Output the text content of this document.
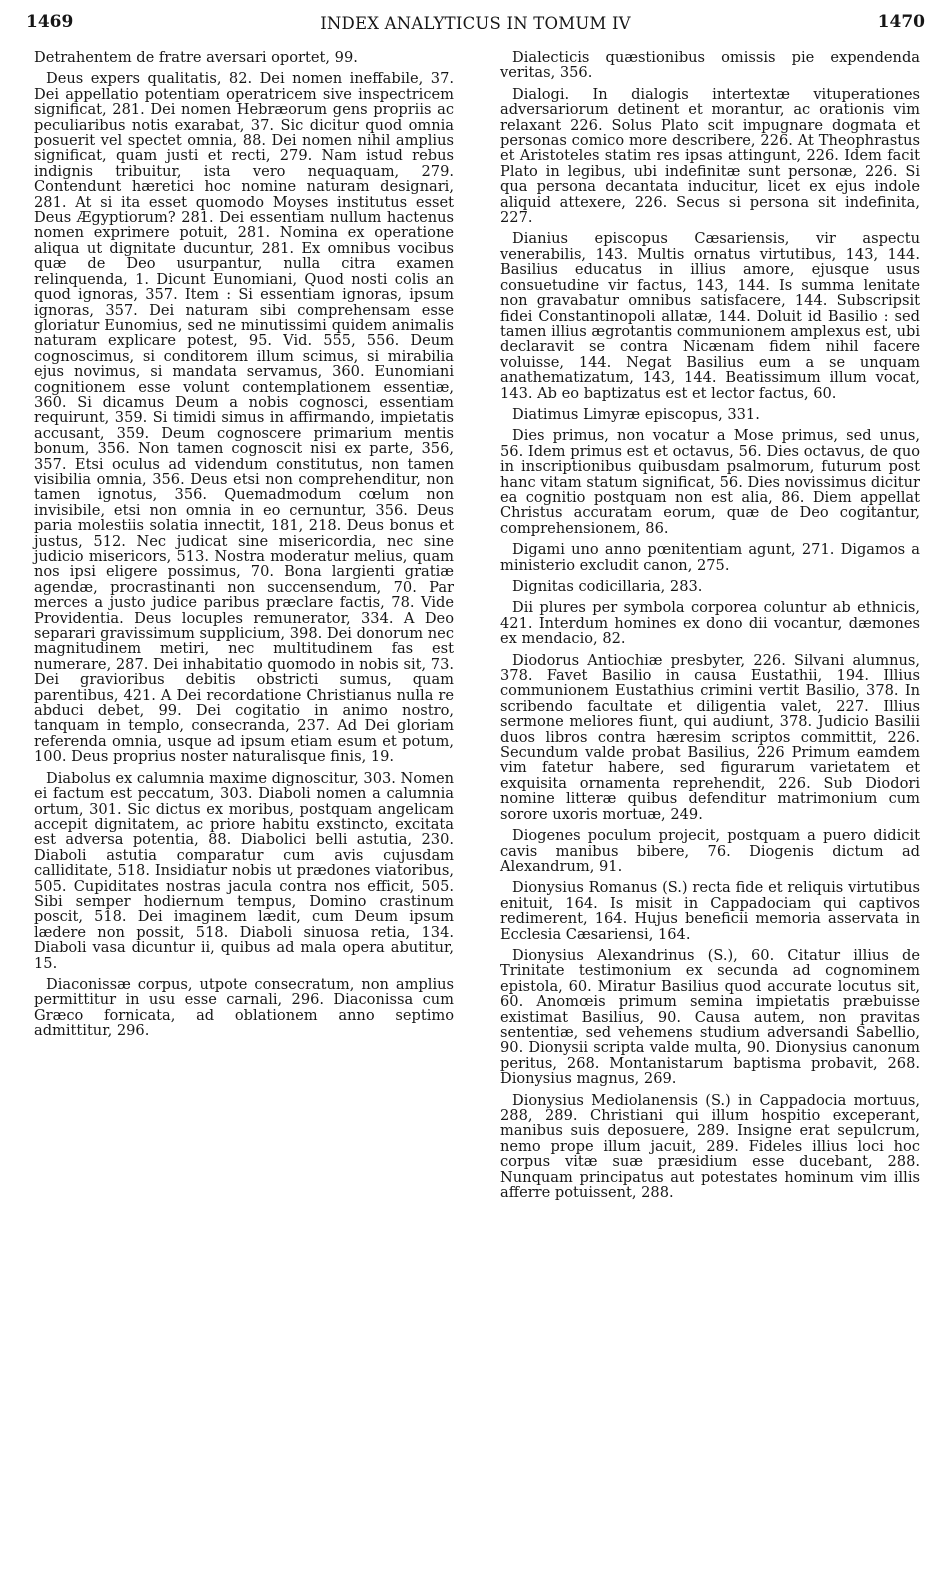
1469	INDEX ANALYTICUS IN TOMUM IV	1470

Detrahentem de fratre aversari oportet, 99.

Deus expers qualitatis, 82. Dei nomen ineffabile, 37. Dei appellatio potentiam operatricem sive inspectricem significat, 281. Dei nomen Hebræorum gens propriis ac peculiaribus notis exarabat, 37. Sic dicitur quod omnia posuerit vel spectet omnia, 88. Dei nomen nihil amplius significat, quam justi et recti, 279. Nam istud rebus indignis tribuitur, ista vero nequaquam, 279. Contendunt hæretici hoc nomine naturam designari, 281. At si ita esset quomodo Moyses institutus esset Deus Ægyptiorum? 281. Dei essentiam nullum hactenus nomen exprimere potuit, 281. Nomina ex operatione aliqua ut dignitate ducuntur, 281. Ex omnibus vocibus quæ de Deo usurpantur, nulla citra examen relinquenda, 1. Dicunt Eunomiani, Quod nosti colis an quod ignoras, 357. Item : Si essentiam ignoras, ipsum ignoras, 357. Dei naturam sibi comprehensam esse gloriatur Eunomius, sed ne minutissimi quidem animalis naturam explicare potest, 95. Vid. 555, 556. Deum cognoscimus, si conditorem illum scimus, si mirabilia ejus novimus, si mandata servamus, 360. Eunomiani cognitionem esse volunt contemplationem essentiæ, 360. Si dicamus Deum a nobis cognosci, essentiam requirunt, 359. Si timidi simus in affirmando, impietatis accusant, 359. Deum cognoscere primarium mentis bonum, 356. Non tamen cognoscit nisi ex parte, 356, 357. Etsi oculus ad videndum constitutus, non tamen visibilia omnia, 356. Deus etsi non comprehenditur, non tamen ignotus, 356. Quemadmodum cœlum non invisibile, etsi non omnia in eo cernuntur, 356. Deus paria molestiis solatia innectit, 181, 218. Deus bonus et justus, 512. Nec judicat sine misericordia, nec sine judicio misericors, 513. Nostra moderatur melius, quam nos ipsi eligere possimus, 70. Bona largienti gratiæ agendæ, procrastinanti non succensendum, 70. Par merces a justo judice paribus præclare factis, 78. Vide Providentia. Deus locuples remunerator, 334. A Deo separari gravissimum supplicium, 398. Dei donorum nec magnitudinem metiri, nec multitudinem fas est numerare, 287. Dei inhabitatio quomodo in nobis sit, 73. Dei gravioribus debitis obstricti sumus, quam parentibus, 421. A Dei recordatione Christianus nulla re abduci debet, 99. Dei cogitatio in animo nostro, tanquam in templo, consecranda, 237. Ad Dei gloriam referenda omnia, usque ad ipsum etiam esum et potum, 100. Deus proprius noster naturalisque finis, 19.

Diabolus ex calumnia maxime dignoscitur, 303. Nomen ei factum est peccatum, 303. Diaboli nomen a calumnia ortum, 301. Sic dictus ex moribus, postquam angelicam accepit dignitatem, ac priore habitu exstincto, excitata est adversa potentia, 88. Diabolici belli astutia, 230. Diaboli astutia comparatur cum avis cujusdam calliditate, 518. Insidiatur nobis ut prædones viatoribus, 505. Cupiditates nostras jacula contra nos efficit, 505. Sibi semper hodiernum tempus, Domino crastinum poscit, 518. Dei imaginem lædit, cum Deum ipsum lædere non possit, 518. Diaboli sinuosa retia, 134. Diaboli vasa dicuntur ii, quibus ad mala opera abutitur, 15.

Diaconissæ corpus, utpote consecratum, non amplius permittitur in usu esse carnali, 296. Diaconissa cum Græco fornicata, ad oblationem anno septimo admittitur, 296.

Dialecticis quæstionibus omissis pie expendenda veritas, 356.

Dialogi. In dialogis intertextæ vituperationes adversariorum detinent et morantur, ac orationis vim relaxant 226. Solus Plato scit impugnare dogmata et personas comico more describere, 226. At Theophrastus et Aristoteles statim res ipsas attingunt, 226. Idem facit Plato in legibus, ubi indefinitæ sunt personæ, 226. Si qua persona decantata inducitur, licet ex ejus indole aliquid attexere, 226. Secus si persona sit indefinita, 227.

Dianius episcopus Cæsariensis, vir aspectu venerabilis, 143. Multis ornatus virtutibus, 143, 144. Basilius educatus in illius amore, ejusque usus consuetudine vir factus, 143, 144. Is summa lenitate non gravabatur omnibus satisfacere, 144. Subscripsit fidei Constantinopoli allatæ, 144. Doluit id Basilio : sed tamen illius ægrotantis communionem amplexus est, ubi declaravit se contra Nicænam fidem nihil facere voluisse, 144. Negat Basilius eum a se unquam anathematizatum, 143, 144. Beatissimum illum vocat, 143. Ab eo baptizatus est et lector factus, 60.

Diatimus Limyræ episcopus, 331.

Dies primus, non vocatur a Mose primus, sed unus, 56. Idem primus est et octavus, 56. Dies octavus, de quo in inscriptionibus quibusdam psalmorum, futurum post hanc vitam statum significat, 56. Dies novissimus dicitur ea cognitio postquam non est alia, 86. Diem appellat Christus accuratam eorum, quæ de Deo cogitantur, comprehensionem, 86.

Digami uno anno pœnitentiam agunt, 271. Digamos a ministerio excludit canon, 275.

Dignitas codicillaria, 283.

Dii plures per symbola corporea coluntur ab ethnicis, 421. Interdum homines ex dono dii vocantur, dæmones ex mendacio, 82.

Diodorus Antiochiæ presbyter, 226. Silvani alumnus, 378. Favet Basilio in causa Eustathii, 194. Illius communionem Eustathius crimini vertit Basilio, 378. In scribendo facultate et diligentia valet, 227. Illius sermone meliores fiunt, qui audiunt, 378. Judicio Basilii duos libros contra hæresim scriptos committit, 226. Secundum valde probat Basilius, 226 Primum eamdem vim fatetur habere, sed figurarum varietatem et exquisita ornamenta reprehendit, 226. Sub Diodori nomine litteræ quibus defenditur matrimonium cum sorore uxoris mortuæ, 249.

Diogenes poculum projecit, postquam a puero didicit cavis manibus bibere, 76. Diogenis dictum ad Alexandrum, 91.

Dionysius Romanus (S.) recta fide et reliquis virtutibus enituit, 164. Is misit in Cappadociam qui captivos redimerent, 164. Hujus beneficii memoria asservata in Ecclesia Cæsariensi, 164.

Dionysius Alexandrinus (S.), 60. Citatur illius de Trinitate testimonium ex secunda ad cognominem epistola, 60. Miratur Basilius quod accurate locutus sit, 60. Anomœis primum semina impietatis præbuisse existimat Basilius, 90. Causa autem, non pravitas sententiæ, sed vehemens studium adversandi Sabellio, 90. Dionysii scripta valde multa, 90. Dionysius canonum peritus, 268. Montanistarum baptisma probavit, 268. Dionysius magnus, 269.

Dionysius Mediolanensis (S.) in Cappadocia mortuus, 288, 289. Christiani qui illum hospitio exceperant, manibus suis deposuere, 289. Insigne erat sepulcrum, nemo prope illum jacuit, 289. Fideles illius loci hoc corpus vitæ suæ præsidium esse ducebant, 288. Nunquam principatus aut potestates hominum vim illis afferre potuissent, 288.
